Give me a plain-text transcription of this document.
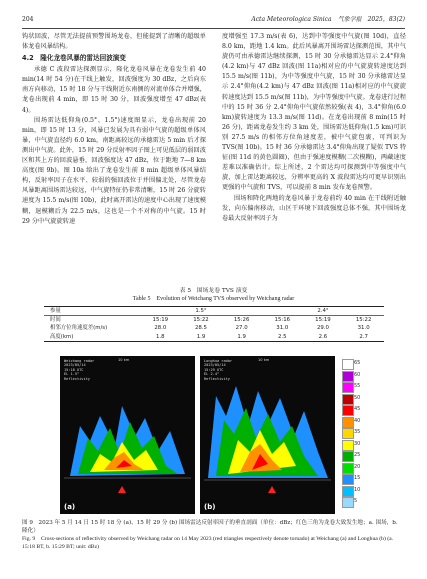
204	Acta Meteorologica Sinica　气象学报　2025，83(2)

钩状回波，尽管无法提前预警围场龙卷，但能提到了清晰的超级单体龙卷风暴结构。

4.2　隆化龙卷风暴的雷达回波演变

承德 C 波段雷达探测显示，隆化龙卷风暴在龙卷发生前 40 min(14 时 54 分)在干线上触发，回波强度为 30 dBz，之后向东南方向移动，15 时 18 分与干线附近东南侧的对流单体合并增强，龙卷出现前 4 min，即 15 时 30 分，回波强度增至 47 dBz(表 4)。

围场雷达低仰角(0.5°、1.5°)速度图显示，龙卷出现前 20 min，即 15 时 13 分，风暴已发展为具有弱中气旋的超级单体风暴，中气旋直径约 6.0 km，南距离较远的承德雷达 5 min 后才探测出中气旋。此外，15 时 29 分反射率因子图上可见低层的弱回波区和其上方的回波悬垂，回波强度达 47 dBz，位于距地 7—8 km 高度(图 9b)。图 10a 给出了龙卷发生前 8 min 超级单体风暴结构，反射率因子在水平、较弱的强回波位于并围偏北处，尽管龙卷风暴距离围场雷达较远，中气旋特征仍非常清晰，15 时 26 分旋转速度为 15.5 m/s(图 10b)，此时离开雷达的速度中心出现了速度模糊，退模糊后为 22.5 m/s，这也是一个不对称的中气旋。15 时 29 分中气旋旋转速

度增强至 17.3 m/s(表 6)，达到中等强度中气旋(图 10d)，直径 8.0 km，距地 1.4 km。此后风暴离开围场雷达探测范围，其中气旋仍可由承德雷达继续探测，15 时 30 分承德雷达显示 2.4°仰角(4.2 km)与 47 dBz 回波(图 11a)相对应的中气旋旋转速度达到 15.5 m/s(图 11b)，为中等强度中气旋，15 时 30 分承德雷达显示 2.4°仰角(4.2 km)与 47 dBz 回波(图 11a)相对应的中气旋旋转速度达到 15.5 m/s(图 11b)，为中等强度中气旋。龙卷进行过程中的 15 时 36 分 2.4°仰角中气旋依然较强(表 4)，3.4°仰角(6.0 km)旋转速度为 13.3 m/s(图 11d)。在龙卷出现前 8 min(15 时 26 分)，距离龙卷发生约 3 km 处，围场雷达低仰角(1.5 km)可识别 27.5 m/s 的相邻方位角速度差，被中气旋包裹，可判识为 TVS(图 10b)。15 时 36 分承德雷达 3.4°仰角出现了疑似 TVS 特征(图 11d 的黄色圆圈)，但由于强速度模糊(二次模糊)，两藏速度差难以准确估计。综上所述，2 个雷达均可探测到中等强度中气旋，加上雷达距离较远，分辨率更高的 X 波段雷达均可更早识别出更强的中气旋和 TVS，可以提前 8 min 发布龙卷预警。

围场和降化两地的龙卷风暴于龙卷前约 40 min 在干线附近触发，向东偏南移动，山区干环境下回波强度总体不强，其中围场龙卷最大反射率因子为

表 5　围场龙卷 TVS 演变
Table 5　Evolution of Weichang TVS observed by Weichang radar
参量	1.5°			2.4°		
时间	15:19	15:22	15:26	15:16	15:19	15:22
相邻方位角速度差(m/s)	28.0	28.5	27.0	31.0	29.0	31.0
高度(km)	1.8	1.9	1.9	2.5	2.6	2.7
Weichang radar
2023/05/14
15:18 UTC
EL 1.5°
Reflectivity
10 km
(a)
Longhua radar
2023/05/14
15:29 UTC
EL 2.4°
Reflectivity
10 km
(b)
65
60
55
50
45
40
35
30
25
20
15
10
5
图 9　2023 年 5 月 14 日 15 时 18 分 (a)、15 时 29 分 (b) 围场雷达反射率因子的垂直剖面（单位：dBz；红色三角为龙卷大致发生地；a. 围场，b. 隆化）
Fig. 9　Cross-sections of reflectivity observed by Weichang radar on 14 May 2023 (red triangles respectively denote tornado) at Weichang (a) and Longhua (b) (a. 15:18 BT, b. 15:29 BT; unit: dBz)
